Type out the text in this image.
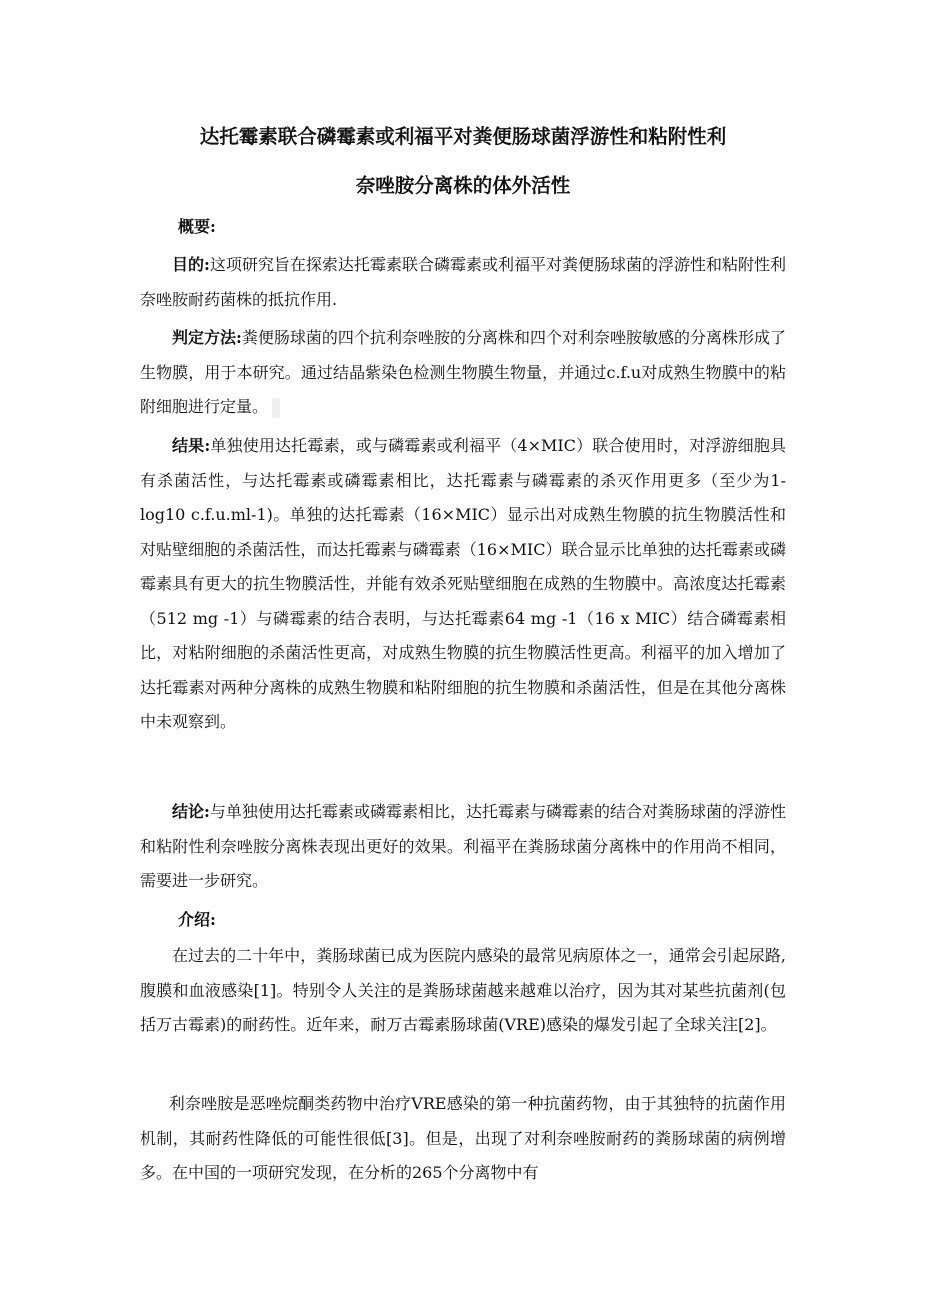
达托霉素联合磷霉素或利福平对粪便肠球菌浮游性和粘附性利
奈唑胺分离株的体外活性
概要:

目的:这项研究旨在探索达托霉素联合磷霉素或利福平对粪便肠球菌的浮游性和粘附性利奈唑胺耐药菌株的抵抗作用.

判定方法:粪便肠球菌的四个抗利奈唑胺的分离株和四个对利奈唑胺敏感的分离株形成了生物膜，用于本研究。通过结晶紫染色检测生物膜生物量，并通过c.f.u对成熟生物膜中的粘附细胞进行定量。

结果:单独使用达托霉素，或与磷霉素或利福平（4×MIC）联合使用时，对浮游细胞具有杀菌活性，与达托霉素或磷霉素相比，达托霉素与磷霉素的杀灭作用更多（至少为1-log10 c.f.u.ml-1)。单独的达托霉素（16×MIC）显示出对成熟生物膜的抗生物膜活性和对贴壁细胞的杀菌活性，而达托霉素与磷霉素（16×MIC）联合显示比单独的达托霉素或磷霉素具有更大的抗生物膜活性，并能有效杀死贴壁细胞在成熟的生物膜中。高浓度达托霉素（512 mg -1）与磷霉素的结合表明，与达托霉素64 mg -1（16 x MIC）结合磷霉素相比，对粘附细胞的杀菌活性更高，对成熟生物膜的抗生物膜活性更高。利福平的加入增加了达托霉素对两种分离株的成熟生物膜和粘附细胞的抗生物膜和杀菌活性，但是在其他分离株中未观察到。

结论:与单独使用达托霉素或磷霉素相比，达托霉素与磷霉素的结合对粪肠球菌的浮游性和粘附性利奈唑胺分离株表现出更好的效果。利福平在粪肠球菌分离株中的作用尚不相同，需要进一步研究。

介绍:

在过去的二十年中，粪肠球菌已成为医院内感染的最常见病原体之一，通常会引起尿路,腹膜和血液感染[1]。特别令人关注的是粪肠球菌越来越难以治疗，因为其对某些抗菌剂(包括万古霉素)的耐药性。近年来，耐万古霉素肠球菌(VRE)感染的爆发引起了全球关注[2]。

利奈唑胺是恶唑烷酮类药物中治疗VRE感染的第一种抗菌药物，由于其独特的抗菌作用机制，其耐药性降低的可能性很低[3]。但是，出现了对利奈唑胺耐药的粪肠球菌的病例增多。在中国的一项研究发现，在分析的265个分离物中有
